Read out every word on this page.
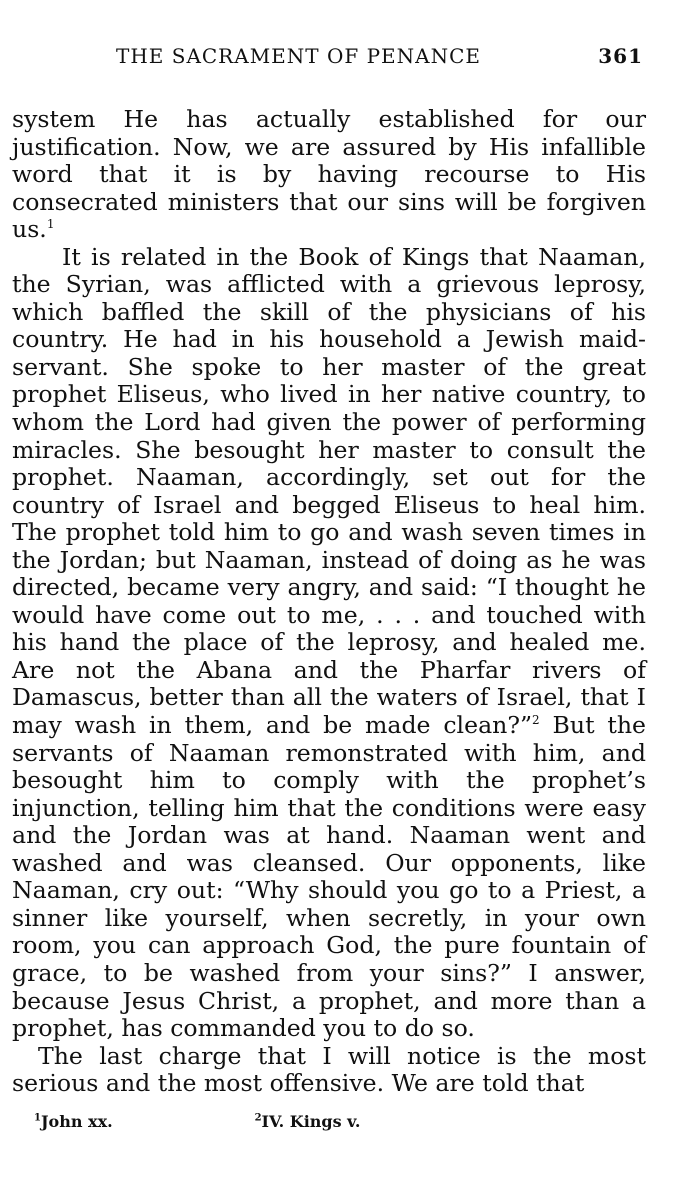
THE SACRAMENT OF PENANCE	361

system He has actually established for our justification. Now, we are assured by His infallible word that it is by having recourse to His consecrated ministers that our sins will be forgiven us.$^1$

It is related in the Book of Kings that Naaman, the Syrian, was afflicted with a grievous leprosy, which baffled the skill of the physicians of his country. He had in his household a Jewish maid-servant. She spoke to her master of the great prophet Eliseus, who lived in her native country, to whom the Lord had given the power of performing miracles. She besought her master to consult the prophet. Naaman, accordingly, set out for the country of Israel and begged Eliseus to heal him. The prophet told him to go and wash seven times in the Jordan; but Naaman, instead of doing as he was directed, became very angry, and said: “I thought he would have come out to me, . . . and touched with his hand the place of the leprosy, and healed me. Are not the Abana and the Pharfar rivers of Damascus, better than all the waters of Israel, that I may wash in them, and be made clean?”$^2$ But the servants of Naaman remonstrated with him, and besought him to comply with the prophet’s injunction, telling him that the conditions were easy and the Jordan was at hand. Naaman went and washed and was cleansed. Our opponents, like Naaman, cry out: “Why should you go to a Priest, a sinner like yourself, when secretly, in your own room, you can approach God, the pure fountain of grace, to be washed from your sins?” I answer, because Jesus Christ, a prophet, and more than a prophet, has commanded you to do so.

The last charge that I will notice is the most serious and the most offensive. We are told that

$^1$John xx.	$^2$IV. Kings v.
